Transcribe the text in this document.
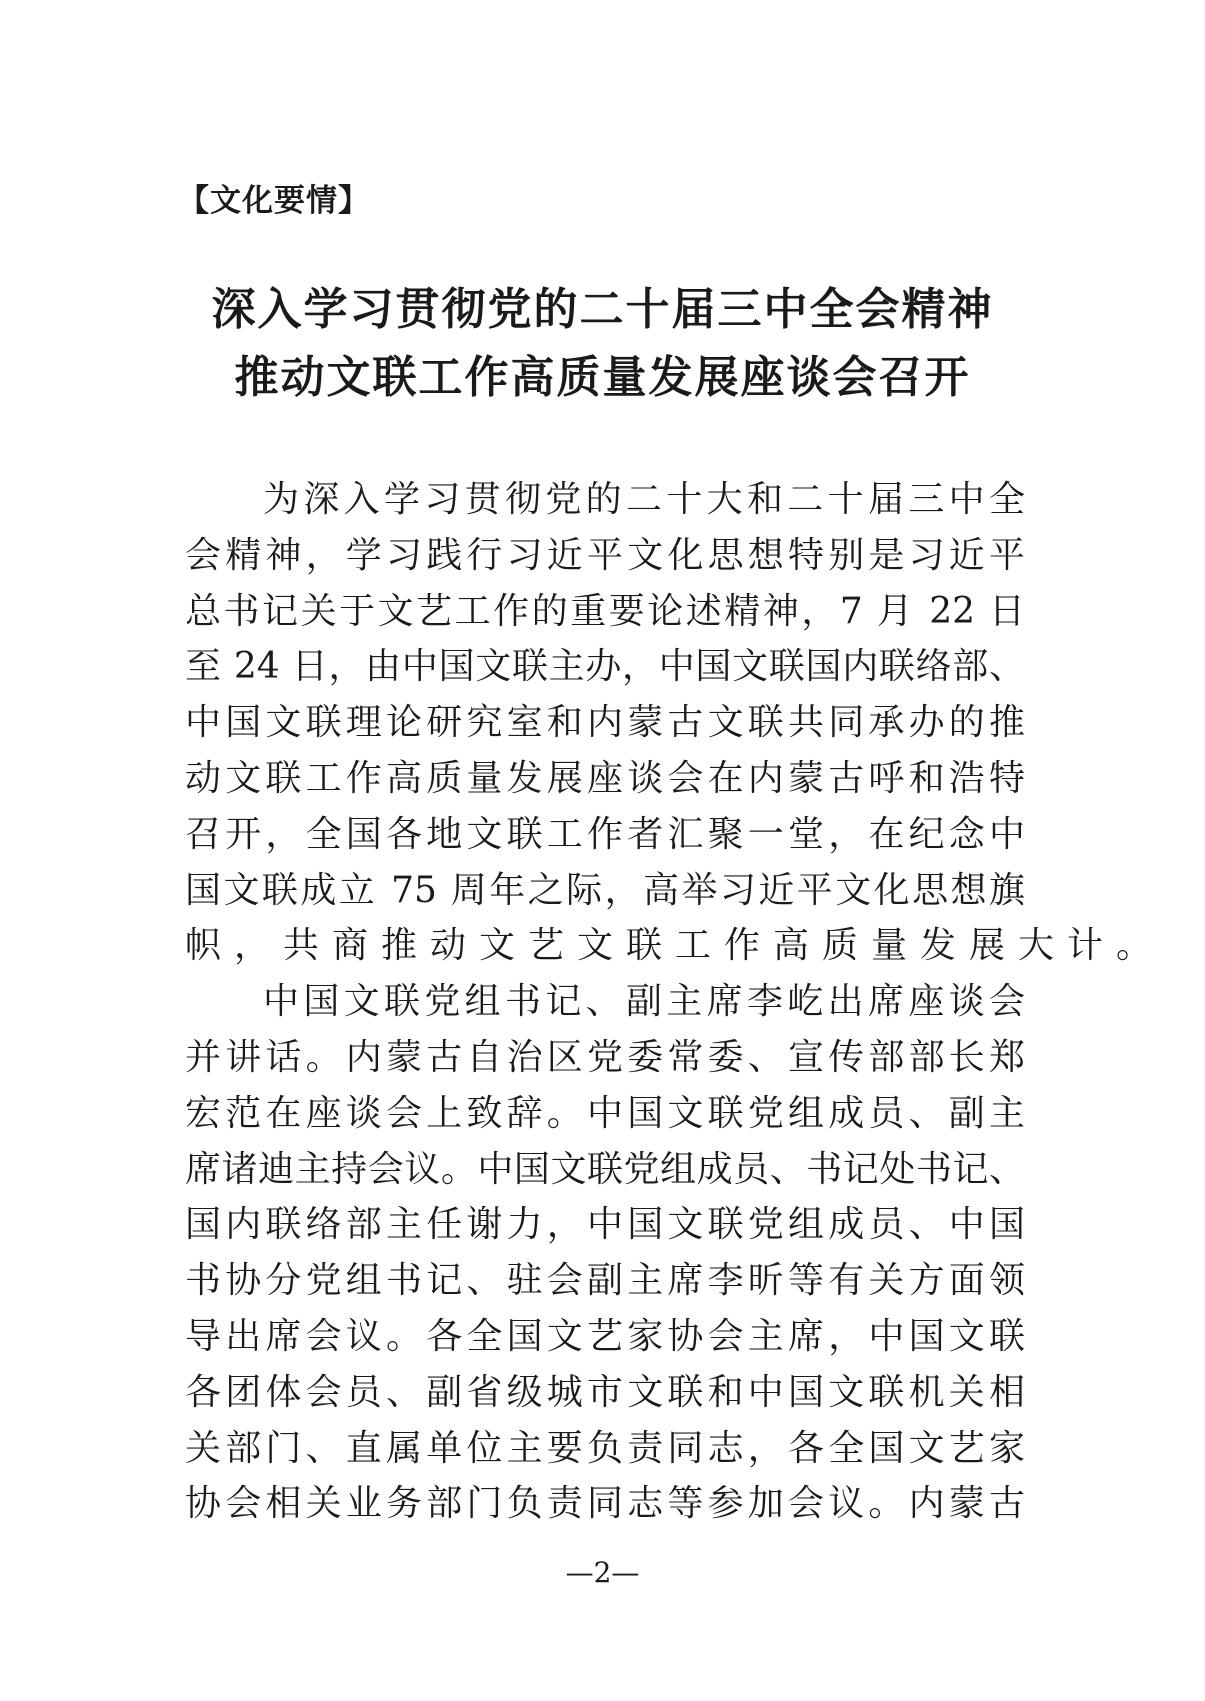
【文化要情】
深入学习贯彻党的二十届三中全会精神
推动文联工作高质量发展座谈会召开
为深入学习贯彻党的二十大和二十届三中全
会精神，学习践行习近平文化思想特别是习近平
总书记关于文艺工作的重要论述精神，7 月 22 日
至 24 日，由中国文联主办，中国文联国内联络部、
中国文联理论研究室和内蒙古文联共同承办的推
动文联工作高质量发展座谈会在内蒙古呼和浩特
召开，全国各地文联工作者汇聚一堂，在纪念中
国文联成立 75 周年之际，高举习近平文化思想旗
帜，共商推动文艺文联工作高质量发展大计。
中国文联党组书记、副主席李屹出席座谈会
并讲话。内蒙古自治区党委常委、宣传部部长郑
宏范在座谈会上致辞。中国文联党组成员、副主
席诸迪主持会议。中国文联党组成员、书记处书记、
国内联络部主任谢力，中国文联党组成员、中国
书协分党组书记、驻会副主席李昕等有关方面领
导出席会议。各全国文艺家协会主席，中国文联
各团体会员、副省级城市文联和中国文联机关相
关部门、直属单位主要负责同志，各全国文艺家
协会相关业务部门负责同志等参加会议。内蒙古
—2—
